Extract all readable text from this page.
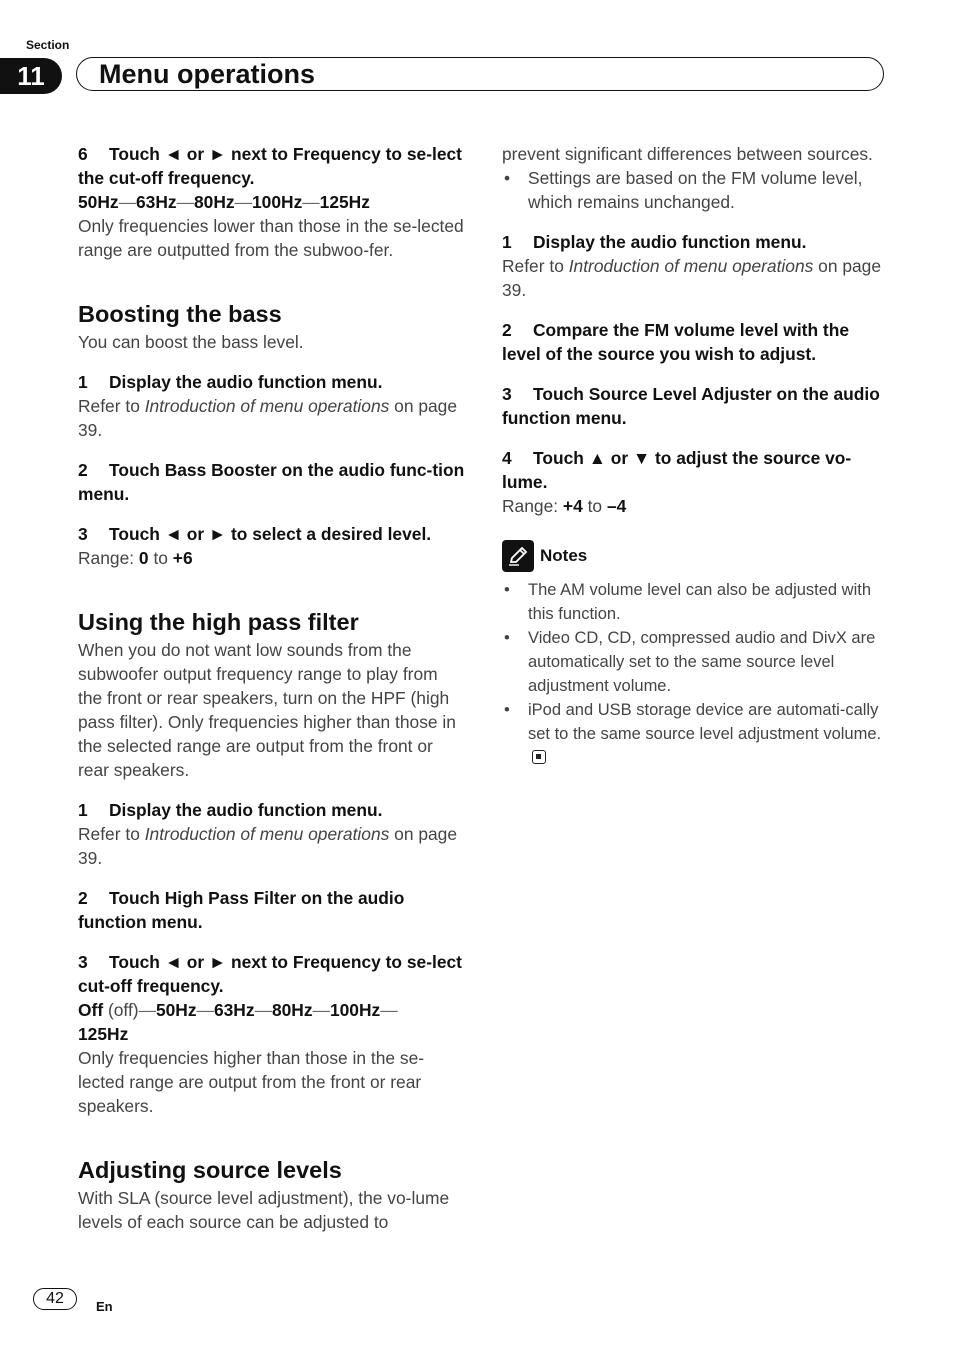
Section
11	Menu operations

6 Touch ◄ or ► next to Frequency to se-lect the cut-off frequency.

50Hz—63Hz—80Hz—100Hz—125Hz

Only frequencies lower than those in the se-lected range are outputted from the subwoo-fer.

Boosting the bass

You can boost the bass level.

1 Display the audio function menu.

Refer to Introduction of menu operations on page 39.

2 Touch Bass Booster on the audio func-tion menu.

3 Touch ◄ or ► to select a desired level.

Range: 0 to +6

Using the high pass filter

When you do not want low sounds from the subwoofer output frequency range to play from the front or rear speakers, turn on the HPF (high pass filter). Only frequencies higher than those in the selected range are output from the front or rear speakers.

1 Display the audio function menu.

Refer to Introduction of menu operations on page 39.

2 Touch High Pass Filter on the audio function menu.

3 Touch ◄ or ► next to Frequency to se-lect cut-off frequency.

Off (off)—50Hz—63Hz—80Hz—100Hz—
125Hz

Only frequencies higher than those in the se-lected range are output from the front or rear speakers.

Adjusting source levels

With SLA (source level adjustment), the vo-lume levels of each source can be adjusted to

prevent significant differences between sources.

• Settings are based on the FM volume level, which remains unchanged.

1 Display the audio function menu.

Refer to Introduction of menu operations on page 39.

2 Compare the FM volume level with the level of the source you wish to adjust.

3 Touch Source Level Adjuster on the audio function menu.

4 Touch ▲ or ▼ to adjust the source vo-lume.

Range: +4 to –4

Notes

• The AM volume level can also be adjusted with this function.

• Video CD, CD, compressed audio and DivX are automatically set to the same source level adjustment volume.

• iPod and USB storage device are automati-cally set to the same source level adjustment volume.

42	En
